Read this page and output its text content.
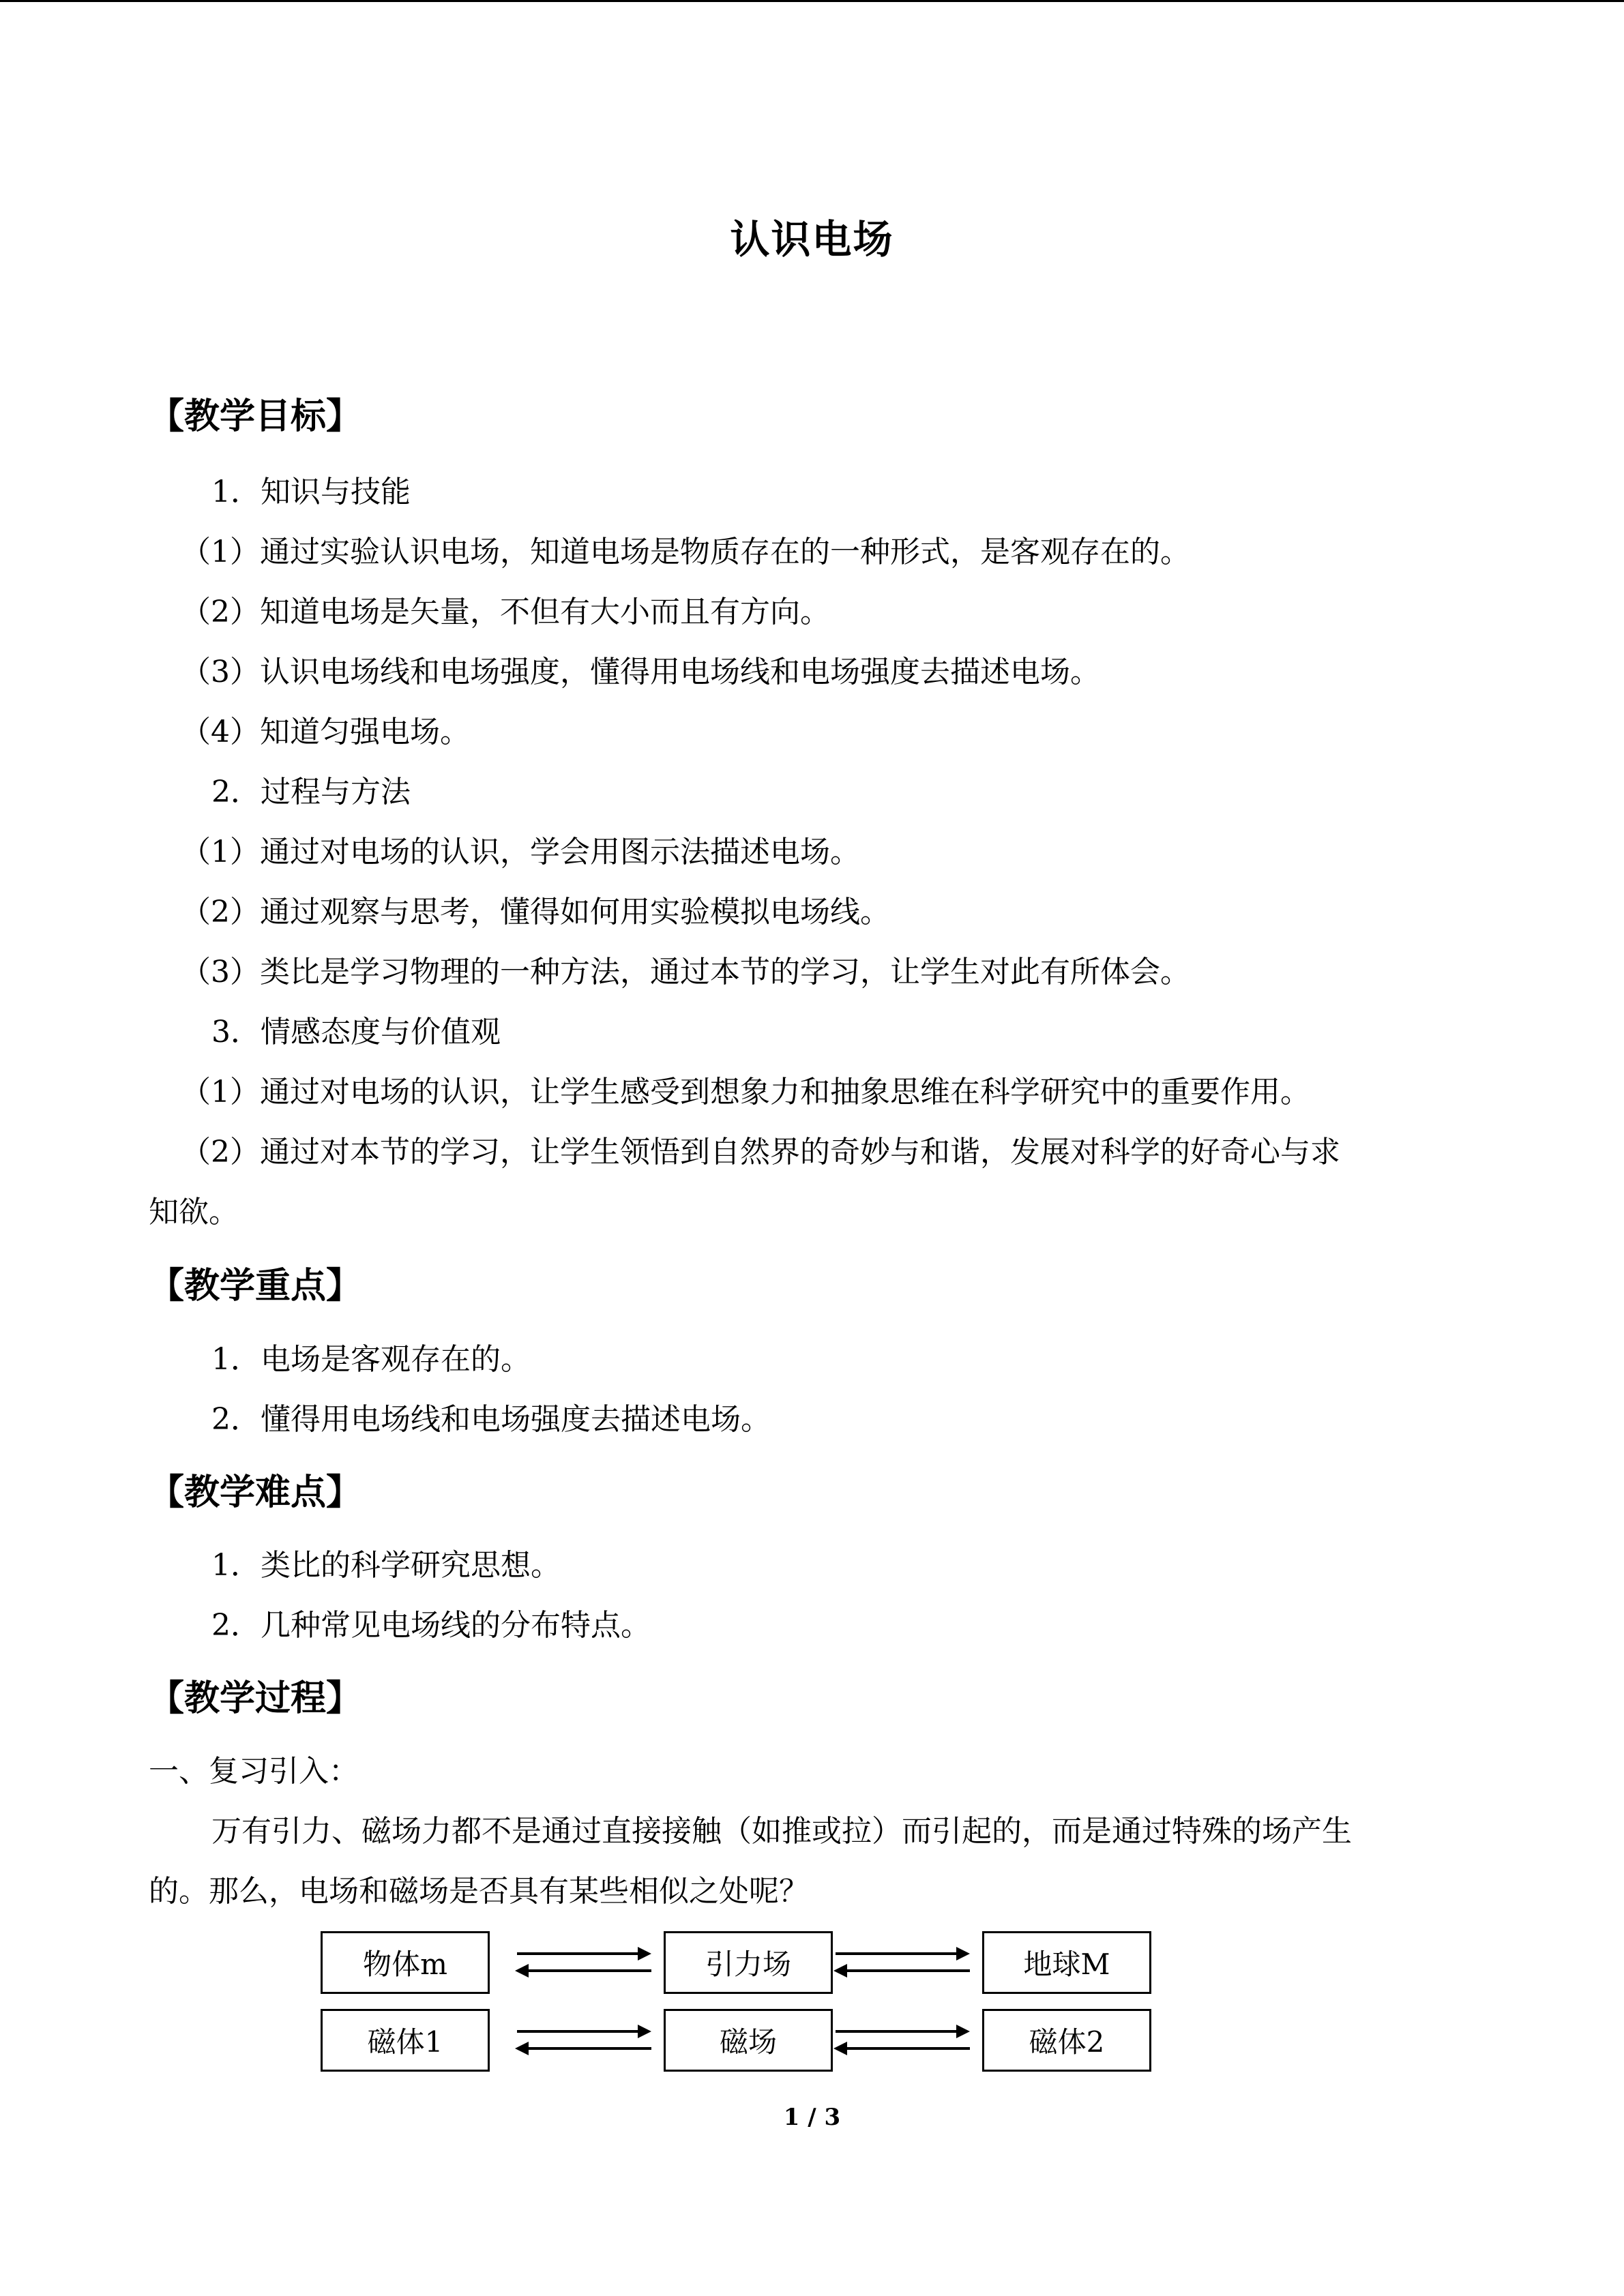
认识电场
【教学目标】
1．知识与技能
（1）通过实验认识电场，知道电场是物质存在的一种形式，是客观存在的。
（2）知道电场是矢量，不但有大小而且有方向。
（3）认识电场线和电场强度，懂得用电场线和电场强度去描述电场。
（4）知道匀强电场。
2．过程与方法
（1）通过对电场的认识，学会用图示法描述电场。
（2）通过观察与思考，懂得如何用实验模拟电场线。
（3）类比是学习物理的一种方法，通过本节的学习，让学生对此有所体会。
3．情感态度与价值观
（1）通过对电场的认识，让学生感受到想象力和抽象思维在科学研究中的重要作用。
（2）通过对本节的学习，让学生领悟到自然界的奇妙与和谐，发展对科学的好奇心与求
知欲。
【教学重点】
1．电场是客观存在的。
2．懂得用电场线和电场强度去描述电场。
【教学难点】
1．类比的科学研究思想。
2．几种常见电场线的分布特点。
【教学过程】
一、复习引入：
万有引力、磁场力都不是通过直接接触（如推或拉）而引起的，而是通过特殊的场产生
的。那么，电场和磁场是否具有某些相似之处呢？
物体m	引力场	地球M
磁体1	磁场	磁体2
1 / 3
